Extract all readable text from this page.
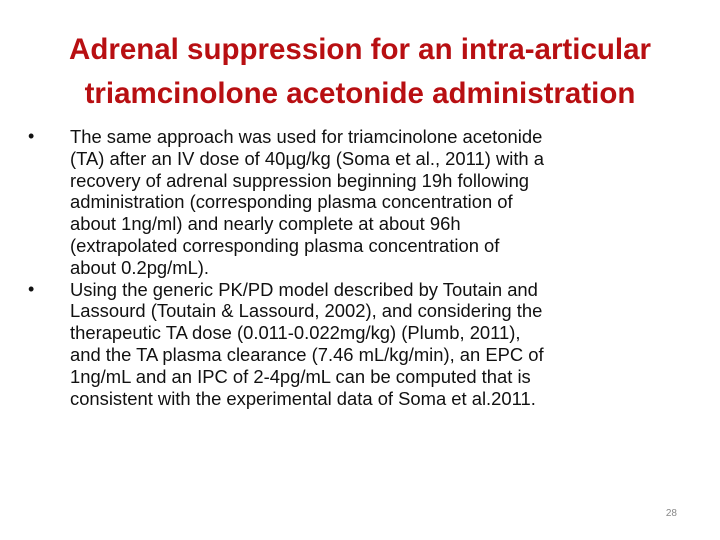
Adrenal suppression for an intra-articular
triamcinolone acetonide administration
•	The same approach was used for triamcinolone acetonide
(TA) after an IV dose of 40µg/kg (Soma et al., 2011) with a
recovery of adrenal suppression beginning 19h following
administration (corresponding plasma concentration of
about 1ng/ml) and nearly complete at about 96h
(extrapolated corresponding plasma concentration of
about 0.2pg/mL).
•	Using the generic PK/PD model described by Toutain and
Lassourd (Toutain & Lassourd, 2002), and considering the
therapeutic TA dose (0.011-0.022mg/kg) (Plumb, 2011),
and the TA plasma clearance (7.46 mL/kg/min), an EPC of
1ng/mL and an IPC of 2-4pg/mL can be computed that is
consistent with the experimental data of Soma et al.2011.
28
